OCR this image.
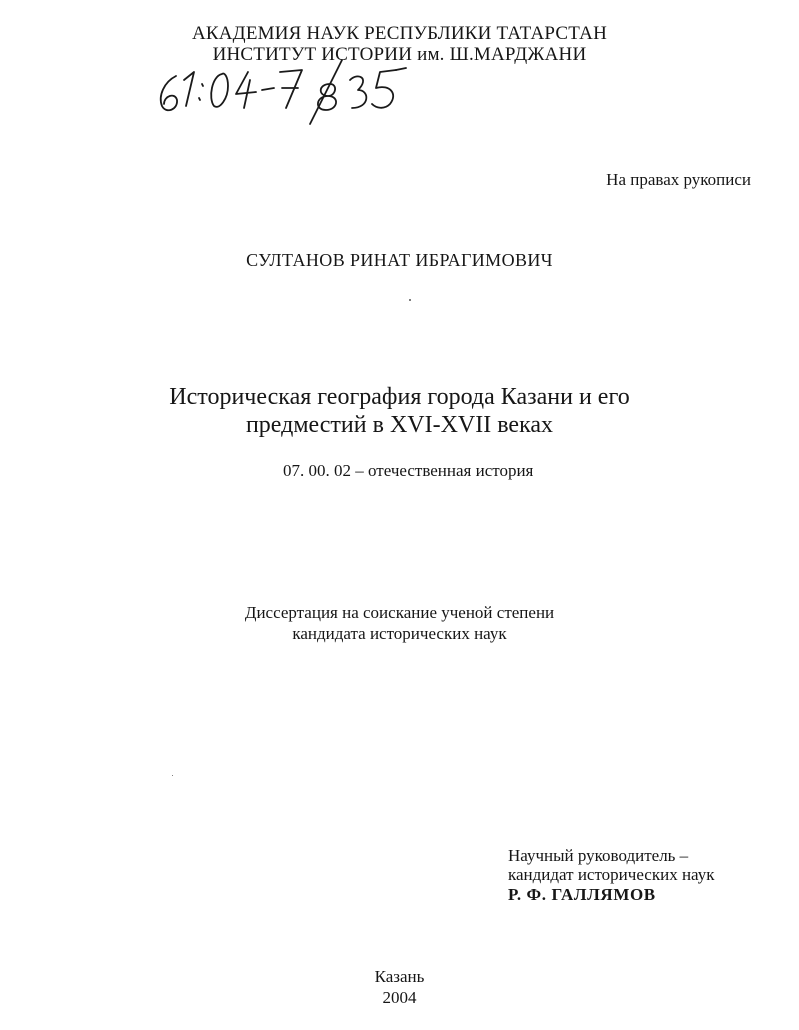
АКАДЕМИЯ НАУК РЕСПУБЛИКИ ТАТАРСТАН
ИНСТИТУТ ИСТОРИИ им. Ш.МАРДЖАНИ
На правах рукописи
СУЛТАНОВ РИНАТ ИБРАГИМОВИЧ
Историческая география города Казани и его
предместий в XVI-XVII веках
07. 00. 02 – отечественная история
Диссертация на соискание ученой степени
кандидата исторических наук
Научный руководитель –
кандидат исторических наук
Р. Ф. ГАЛЛЯМОВ
Казань
2004
